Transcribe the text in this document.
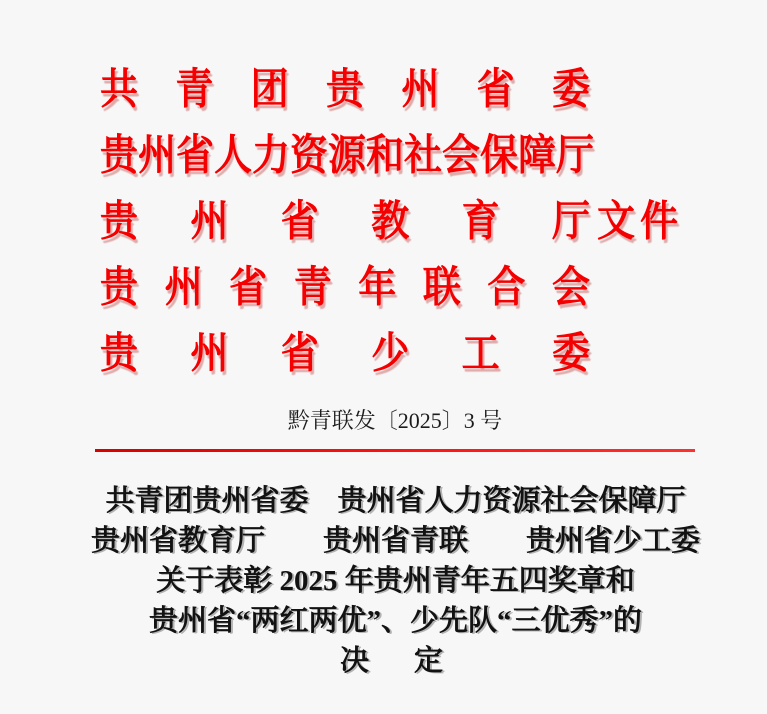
共青团贵州省委
贵州省人力资源和社会保障厅
贵州省教育厅 文件
贵州省青年联合会
贵州省少工委
黔青联发〔2025〕3 号
共青团贵州省委　贵州省人力资源社会保障厅
贵州省教育厅　　贵州省青联　　贵州省少工委
关于表彰 2025 年贵州青年五四奖章和
贵州省“两红两优”、少先队“三优秀”的
决　定
